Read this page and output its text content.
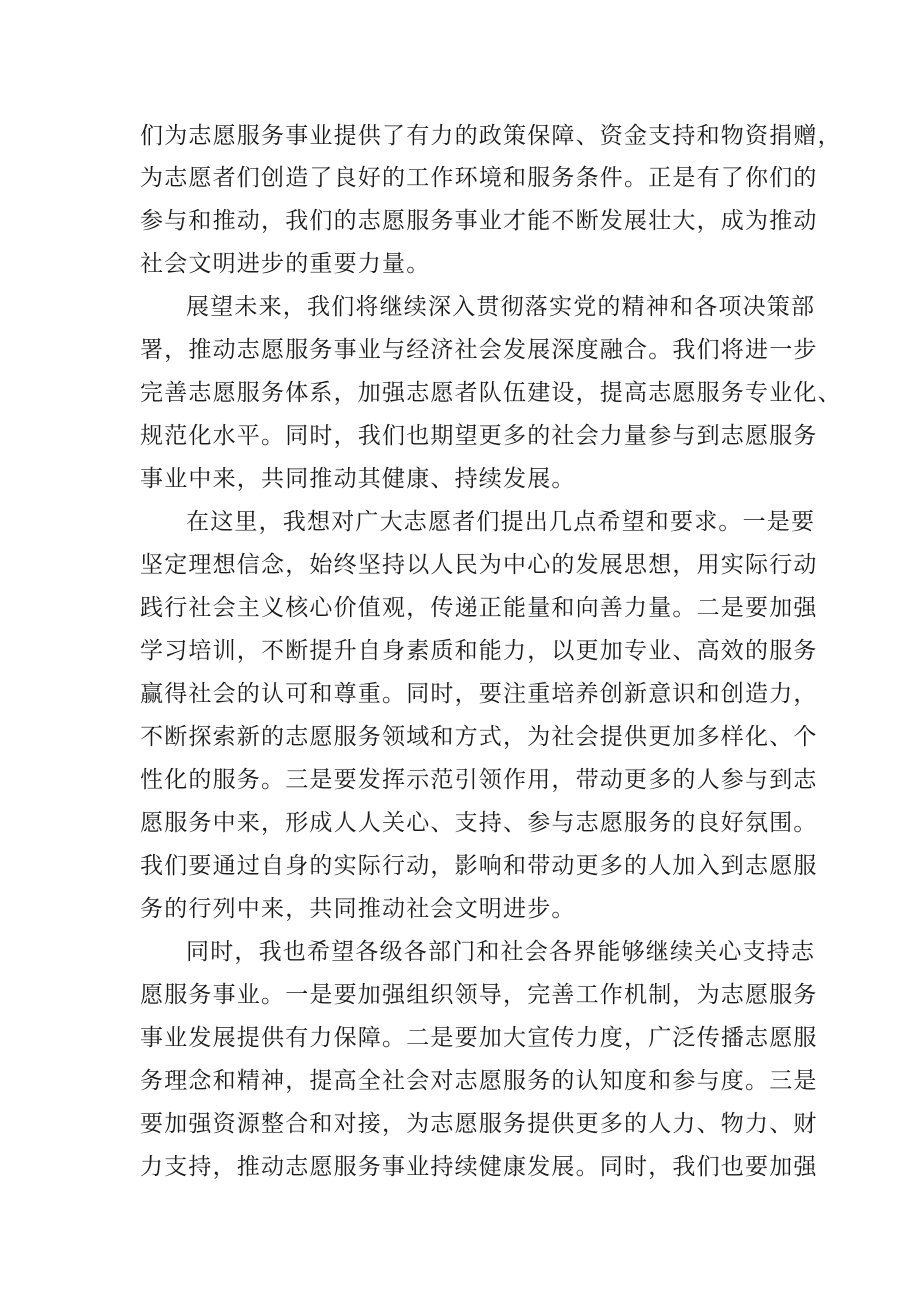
们为志愿服务事业提供了有力的政策保障、资金支持和物资捐赠，
为志愿者们创造了良好的工作环境和服务条件。正是有了你们的
参与和推动，我们的志愿服务事业才能不断发展壮大，成为推动
社会文明进步的重要力量。
展望未来，我们将继续深入贯彻落实党的精神和各项决策部
署，推动志愿服务事业与经济社会发展深度融合。我们将进一步
完善志愿服务体系，加强志愿者队伍建设，提高志愿服务专业化、
规范化水平。同时，我们也期望更多的社会力量参与到志愿服务
事业中来，共同推动其健康、持续发展。
在这里，我想对广大志愿者们提出几点希望和要求。一是要
坚定理想信念，始终坚持以人民为中心的发展思想，用实际行动
践行社会主义核心价值观，传递正能量和向善力量。二是要加强
学习培训，不断提升自身素质和能力，以更加专业、高效的服务
赢得社会的认可和尊重。同时，要注重培养创新意识和创造力，
不断探索新的志愿服务领域和方式，为社会提供更加多样化、个
性化的服务。三是要发挥示范引领作用，带动更多的人参与到志
愿服务中来，形成人人关心、支持、参与志愿服务的良好氛围。
我们要通过自身的实际行动，影响和带动更多的人加入到志愿服
务的行列中来，共同推动社会文明进步。
同时，我也希望各级各部门和社会各界能够继续关心支持志
愿服务事业。一是要加强组织领导，完善工作机制，为志愿服务
事业发展提供有力保障。二是要加大宣传力度，广泛传播志愿服
务理念和精神，提高全社会对志愿服务的认知度和参与度。三是
要加强资源整合和对接，为志愿服务提供更多的人力、物力、财
力支持，推动志愿服务事业持续健康发展。同时，我们也要加强
